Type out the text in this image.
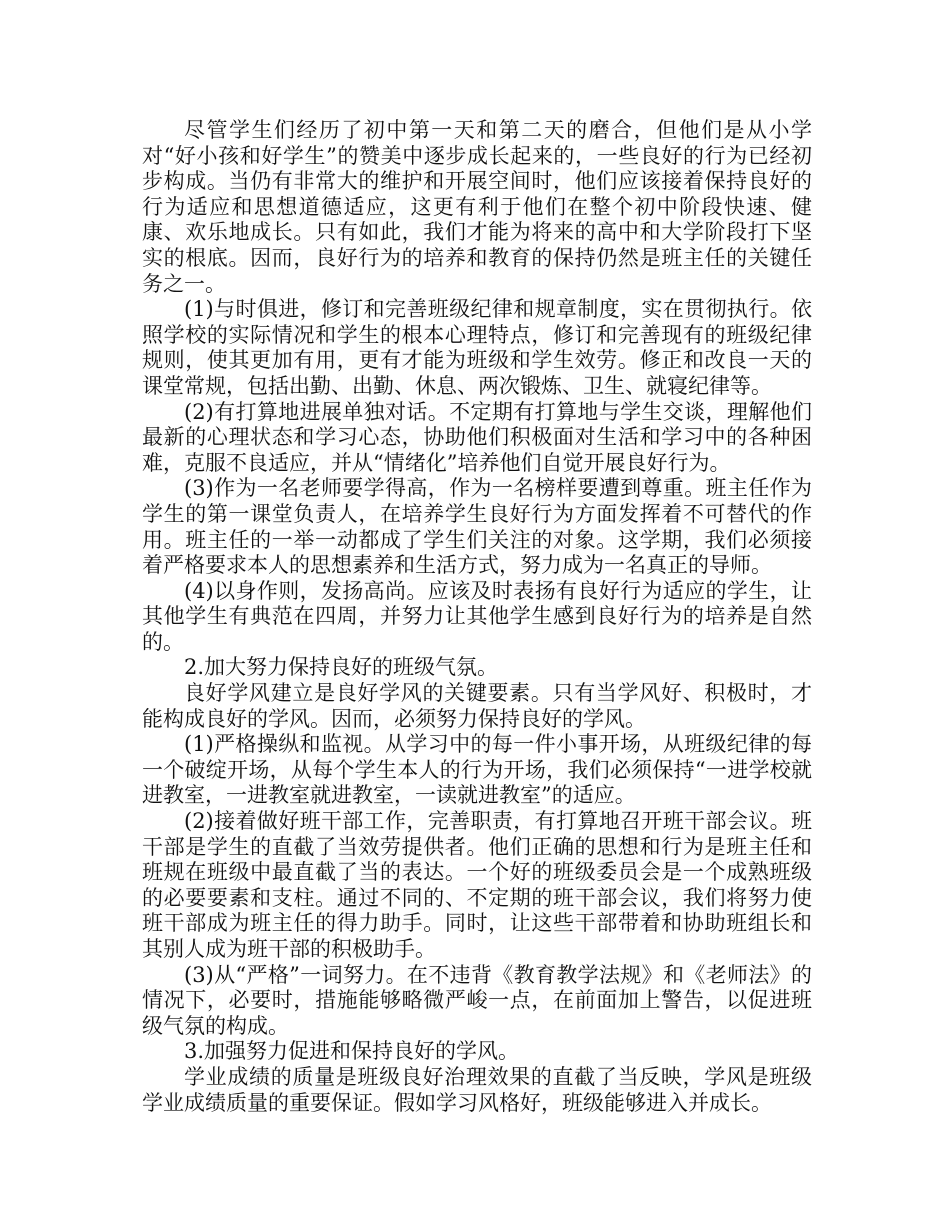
尽管学生们经历了初中第一天和第二天的磨合，但他们是从小学对“好小孩和好学生”的赞美中逐步成长起来的，一些良好的行为已经初步构成。当仍有非常大的维护和开展空间时，他们应该接着保持良好的行为适应和思想道德适应，这更有利于他们在整个初中阶段快速、健康、欢乐地成长。只有如此，我们才能为将来的高中和大学阶段打下坚实的根底。因而，良好行为的培养和教育的保持仍然是班主任的关键任务之一。

(1)与时俱进，修订和完善班级纪律和规章制度，实在贯彻执行。依照学校的实际情况和学生的根本心理特点，修订和完善现有的班级纪律规则，使其更加有用，更有才能为班级和学生效劳。修正和改良一天的课堂常规，包括出勤、出勤、休息、两次锻炼、卫生、就寝纪律等。

(2)有打算地进展单独对话。不定期有打算地与学生交谈，理解他们最新的心理状态和学习心态，协助他们积极面对生活和学习中的各种困难，克服不良适应，并从“情绪化”培养他们自觉开展良好行为。

(3)作为一名老师要学得高，作为一名榜样要遭到尊重。班主任作为学生的第一课堂负责人，在培养学生良好行为方面发挥着不可替代的作用。班主任的一举一动都成了学生们关注的对象。这学期，我们必须接着严格要求本人的思想素养和生活方式，努力成为一名真正的导师。

(4)以身作则，发扬高尚。应该及时表扬有良好行为适应的学生，让其他学生有典范在四周，并努力让其他学生感到良好行为的培养是自然的。

2.加大努力保持良好的班级气氛。

良好学风建立是良好学风的关键要素。只有当学风好、积极时，才能构成良好的学风。因而，必须努力保持良好的学风。

(1)严格操纵和监视。从学习中的每一件小事开场，从班级纪律的每一个破绽开场，从每个学生本人的行为开场，我们必须保持“一进学校就进教室，一进教室就进教室，一读就进教室”的适应。

(2)接着做好班干部工作，完善职责，有打算地召开班干部会议。班干部是学生的直截了当效劳提供者。他们正确的思想和行为是班主任和班规在班级中最直截了当的表达。一个好的班级委员会是一个成熟班级的必要要素和支柱。通过不同的、不定期的班干部会议，我们将努力使班干部成为班主任的得力助手。同时，让这些干部带着和协助班组长和其别人成为班干部的积极助手。

(3)从“严格”一词努力。在不违背《教育教学法规》和《老师法》的情况下，必要时，措施能够略微严峻一点，在前面加上警告，以促进班级气氛的构成。

3.加强努力促进和保持良好的学风。

学业成绩的质量是班级良好治理效果的直截了当反映，学风是班级学业成绩质量的重要保证。假如学习风格好，班级能够进入并成长。
